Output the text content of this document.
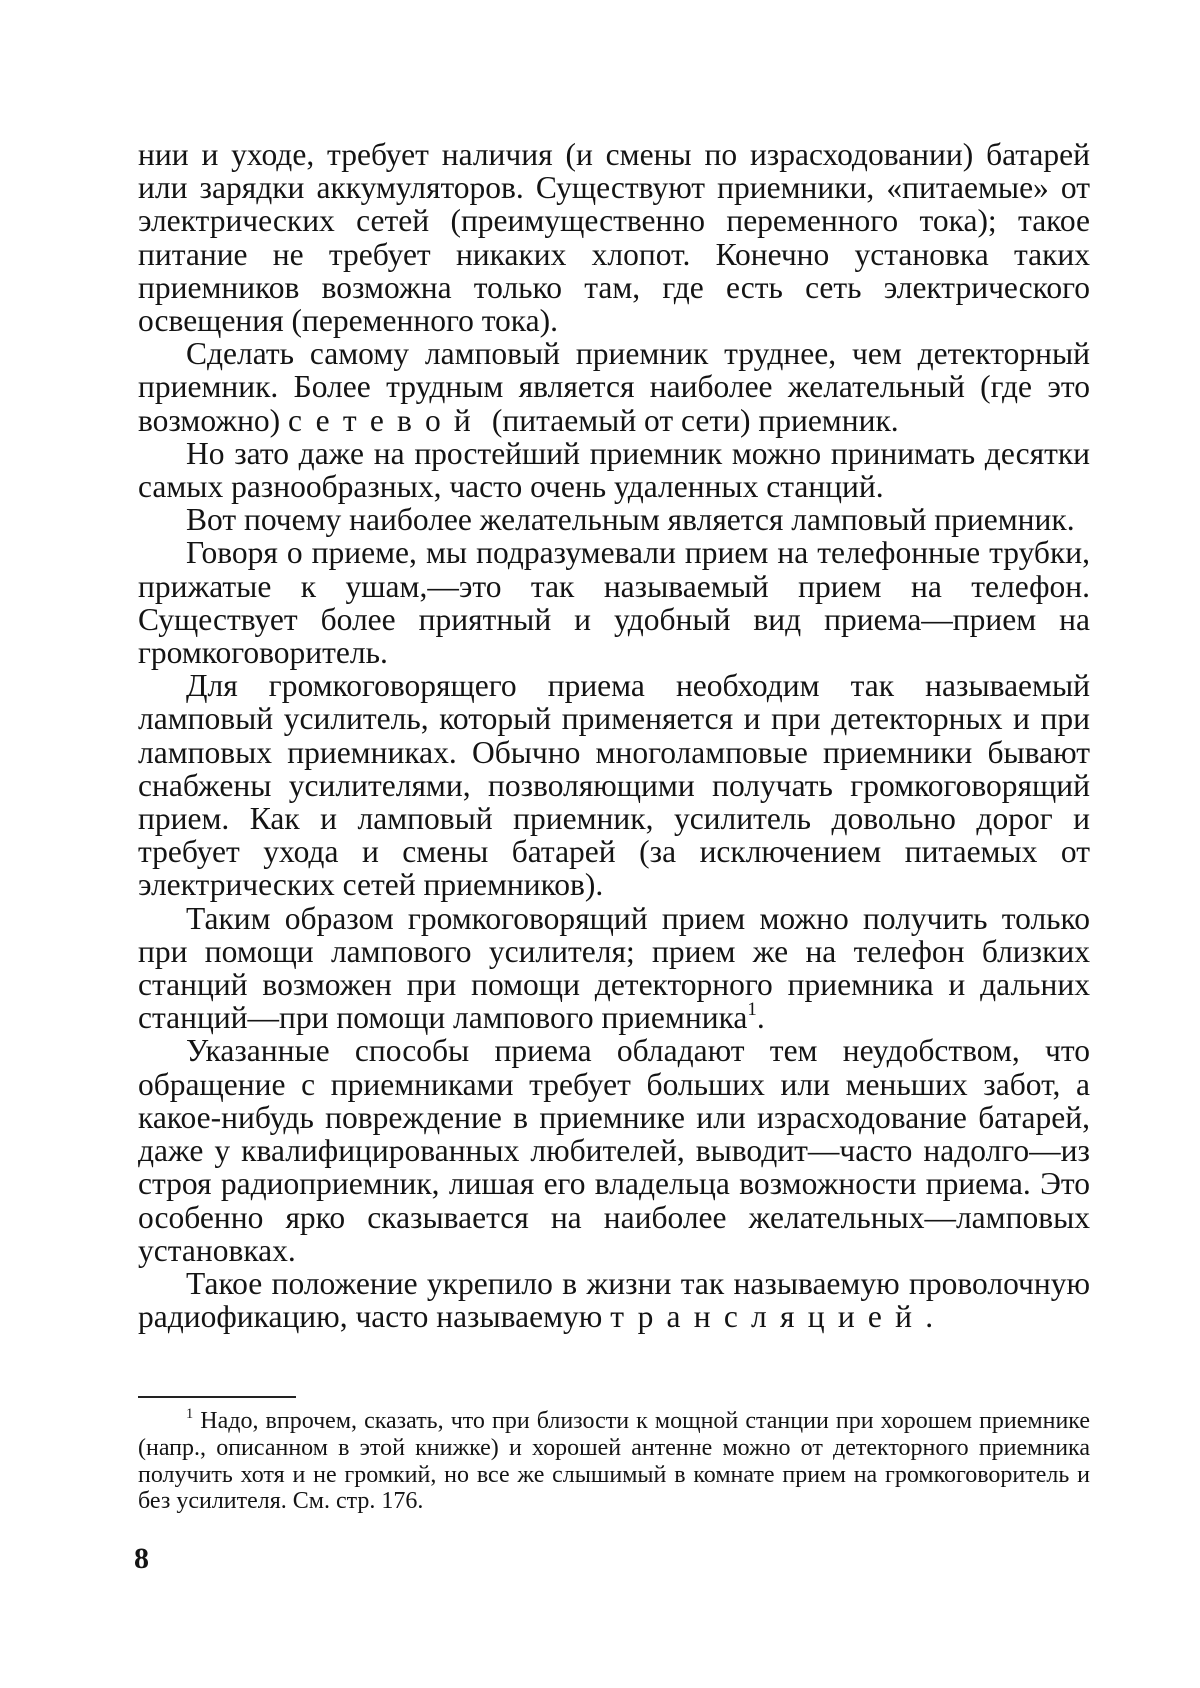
нии и уходе, требует наличия (и смены по израсходовании) батарей или зарядки аккумуляторов. Существуют приемники, «питаемые» от электрических сетей (преимущественно переменного тока); такое питание не требует никаких хлопот. Конечно установка таких приемников возможна только там, где есть сеть электрического освещения (переменного тока).

Сделать самому ламповый приемник труднее, чем детекторный приемник. Более трудным является наиболее желательный (где это возможно) сетевой (питаемый от сети) приемник.

Но зато даже на простейший приемник можно принимать десятки самых разнообразных, часто очень удаленных станций.

Вот почему наиболее желательным является ламповый приемник.

Говоря о приеме, мы подразумевали прием на телефонные трубки, прижатые к ушам,—это так называемый прием на телефон. Существует более приятный и удобный вид приема—прием на громкоговоритель.

Для громкоговорящего приема необходим так называемый ламповый усилитель, который применяется и при детекторных и при ламповых приемниках. Обычно многоламповые приемники бывают снабжены усилителями, позволяющими получать громкоговорящий прием. Как и ламповый приемник, усилитель довольно дорог и требует ухода и смены батарей (за исключением питаемых от электрических сетей приемников).

Таким образом громкоговорящий прием можно получить только при помощи лампового усилителя; прием же на телефон близких станций возможен при помощи детекторного приемника и дальних станций—при помощи лампового приемника$^1$.

Указанные способы приема обладают тем неудобством, что обращение с приемниками требует больших или меньших забот, а какое-нибудь повреждение в приемнике или израсходование батарей, даже у квалифицированных любителей, выводит—часто надолго—из строя радиоприемник, лишая его владельца возможности приема. Это особенно ярко сказывается на наиболее желательных—ламповых установках.

Такое положение укрепило в жизни так называемую проволочную радиофикацию, часто называемую трансляцией.

$^1$ Надо, впрочем, сказать, что при близости к мощной станции при хорошем приемнике (напр., описанном в этой книжке) и хорошей антенне можно от детекторного приемника получить хотя и не громкий, но все же слышимый в комнате прием на громкоговоритель и без усилителя. См. стр. 176.

8
